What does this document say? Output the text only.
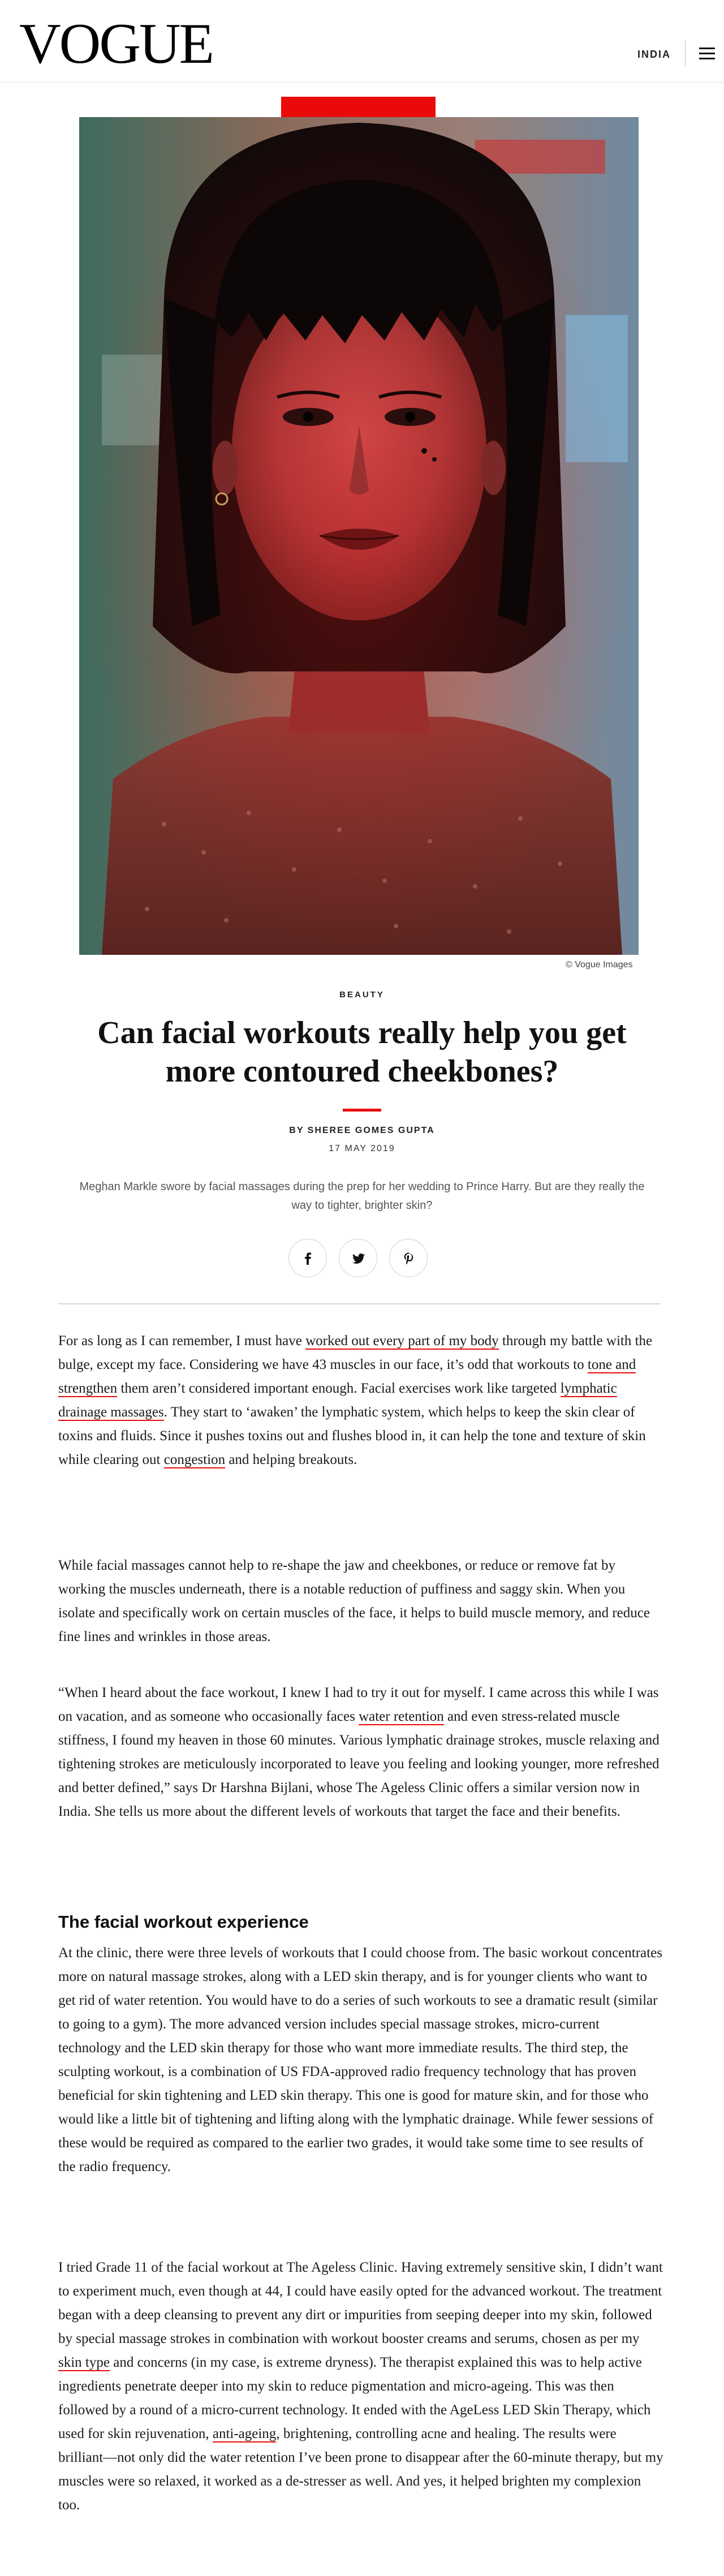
VOGUE	INDIA
© Vogue Images
BEAUTY
Can facial workouts really help you get more contoured cheekbones?
BY SHEREE GOMES GUPTA
17 MAY 2019

Meghan Markle swore by facial massages during the prep for her wedding to Prince Harry. But are they really the way to tighter, brighter skin?

For as long as I can remember, I must have worked out every part of my body through my battle with the bulge, except my face. Considering we have 43 muscles in our face, it’s odd that workouts to tone and strengthen them aren’t considered important enough. Facial exercises work like targeted lymphatic drainage massages. They start to ‘awaken’ the lymphatic system, which helps to keep the skin clear of toxins and fluids. Since it pushes toxins out and flushes blood in, it can help the tone and texture of skin while clearing out congestion and helping breakouts.

While facial massages cannot help to re-shape the jaw and cheekbones, or reduce or remove fat by working the muscles underneath, there is a notable reduction of puffiness and saggy skin. When you isolate and specifically work on certain muscles of the face, it helps to build muscle memory, and reduce fine lines and wrinkles in those areas.

“When I heard about the face workout, I knew I had to try it out for myself. I came across this while I was on vacation, and as someone who occasionally faces water retention and even stress-related muscle stiffness, I found my heaven in those 60 minutes. Various lymphatic drainage strokes, muscle relaxing and tightening strokes are meticulously incorporated to leave you feeling and looking younger, more refreshed and better defined,” says Dr Harshna Bijlani, whose The Ageless Clinic offers a similar version now in India. She tells us more about the different levels of workouts that target the face and their benefits.

The facial workout experience

At the clinic, there were three levels of workouts that I could choose from. The basic workout concentrates more on natural massage strokes, along with a LED skin therapy, and is for younger clients who want to get rid of water retention. You would have to do a series of such workouts to see a dramatic result (similar to going to a gym). The more advanced version includes special massage strokes, micro-current technology and the LED skin therapy for those who want more immediate results. The third step, the sculpting workout, is a combination of US FDA-approved radio frequency technology that has proven beneficial for skin tightening and LED skin therapy. This one is good for mature skin, and for those who would like a little bit of tightening and lifting along with the lymphatic drainage. While fewer sessions of these would be required as compared to the earlier two grades, it would take some time to see results of the radio frequency.

I tried Grade 11 of the facial workout at The Ageless Clinic. Having extremely sensitive skin, I didn’t want to experiment much, even though at 44, I could have easily opted for the advanced workout. The treatment began with a deep cleansing to prevent any dirt or impurities from seeping deeper into my skin, followed by special massage strokes in combination with workout booster creams and serums, chosen as per my skin type and concerns (in my case, is extreme dryness). The therapist explained this was to help active ingredients penetrate deeper into my skin to reduce pigmentation and micro-ageing. This was then followed by a round of a micro-current technology. It ended with the AgeLess LED Skin Therapy, which used for skin rejuvenation, anti-ageing, brightening, controlling acne and healing. The results were brilliant—not only did the water retention I’ve been prone to disappear after the 60-minute therapy, but my muscles were so relaxed, it worked as a de-stresser as well. And yes, it helped brighten my complexion too.
